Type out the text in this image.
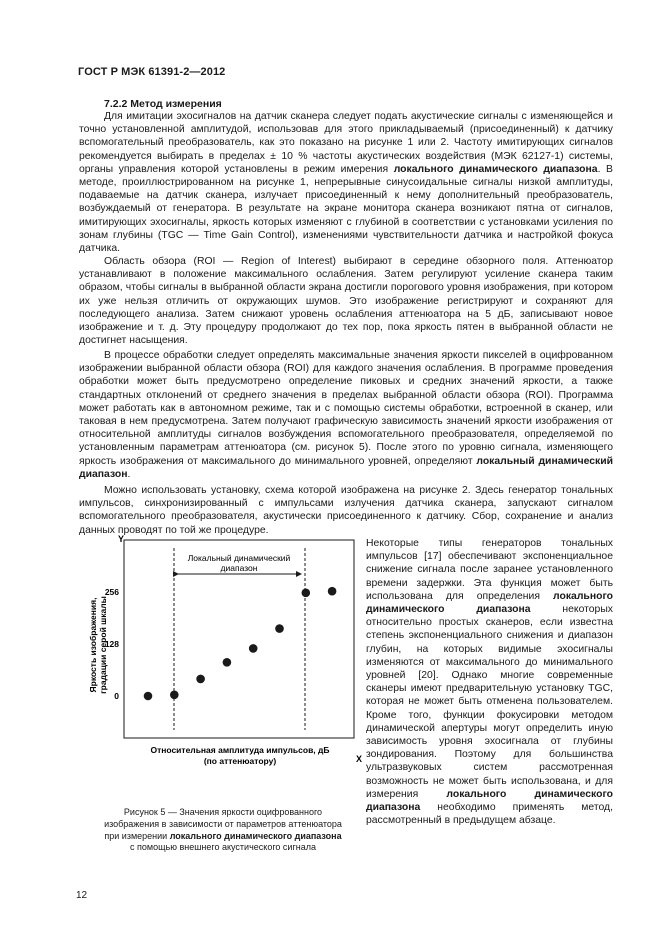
ГОСТ Р МЭК 61391-2—2012
7.2.2 Метод измерения

Для имитации эхосигналов на датчик сканера следует подать акустические сигналы с изменяющейся и точно установленной амплитудой, использовав для этого прикладываемый (присоединенный) к датчику вспомогательный преобразователь, как это показано на рисунке 1 или 2. Частоту имитирующих сигналов рекомендуется выбирать в пределах ± 10 % частоты акустических воздействия (МЭК 62127-1) системы, органы управления которой установлены в режим имерения локального динамического диапазона. В методе, проиллюстрированном на рисунке 1, непрерывные синусоидальные сигналы низкой амплитуды, подаваемые на датчик сканера, излучает присоединенный к нему дополнительный преобразователь, возбуждаемый от генератора. В результате на экране монитора сканера возникают пятна от сигналов, имитирующих эхосигналы, яркость которых изменяют с глубиной в соответствии с установками усиления по зонам глубины (TGC — Time Gain Control), изменениями чувствительности датчика и настройкой фокуса датчика.

Область обзора (ROI — Region of Interest) выбирают в середине обзорного поля. Аттенюатор устанавливают в положение максимального ослабления. Затем регулируют усиление сканера таким образом, чтобы сигналы в выбранной области экрана достигли порогового уровня изображения, при котором их уже нельзя отличить от окружающих шумов. Это изображение регистрируют и сохраняют для последующего анализа. Затем снижают уровень ослабления аттенюатора на 5 дБ, записывают новое изображение и т. д. Эту процедуру продолжают до тех пор, пока яркость пятен в выбранной области не достигнет насыщения.

В процессе обработки следует определять максимальные значения яркости пикселей в оцифрованном изображении выбранной области обзора (ROI) для каждого значения ослабления. В программе проведения обработки может быть предусмотрено определение пиковых и средних значений яркости, а также стандартных отклонений от среднего значения в пределах выбранной области обзора (ROI). Программа может работать как в автономном режиме, так и с помощью системы обработки, встроенной в сканер, или таковая в нем предусмотрена. Затем получают графическую зависимость значений яркости изображения от относительной амплитуды сигналов возбуждения вспомогательного преобразователя, определяемой по установленным параметрам аттенюатора (см. рисунок 5). После этого по уровню сигнала, изменяющего яркость изображения от максимального до минимального уровней, определяют локальный динамический диапазон.

Можно использовать установку, схема которой изображена на рисунке 2. Здесь генератор тональных импульсов, синхронизированный с импульсами излучения датчика сканера, запускают сигналом вспомогательного преобразователя, акустически присоединенного к датчику. Сбор, сохранение и анализ данных проводят по той же процедуре.

Y
X
Яркость изображения, градации серой шкалы
Относительная амплитуда импульсов, дБ
(по аттенюатору)
0
128
256
Локальный динамический
диапазон

Некоторые типы генераторов тональных импульсов [17] обеспечивают экспоненциальное снижение сигнала после заранее установленного времени задержки. Эта функция может быть использована для определения локального динамического диапазона некоторых относительно простых сканеров, если известна степень экспоненциального снижения и диапазон глубин, на которых видимые эхосигналы изменяются от максимального до минимального уровней [20]. Однако многие современные сканеры имеют предварительную установку TGC, которая не может быть отменена пользователем. Кроме того, функции фокусировки методом динамической апертуры могут определить иную зависимость уровня эхосигнала от глубины зондирования. Поэтому для большинства ультразвуковых систем рассмотренная возможность не может быть использована, и для измерения локального динамического диапазона необходимо применять метод, рассмотренный в предыдущем абзаце.

Рисунок 5 — Значения яркости оцифрованного
изображения в зависимости от параметров аттенюатора
при измерении локального динамического диапазона
с помощью внешнего акустического сигнала
12
